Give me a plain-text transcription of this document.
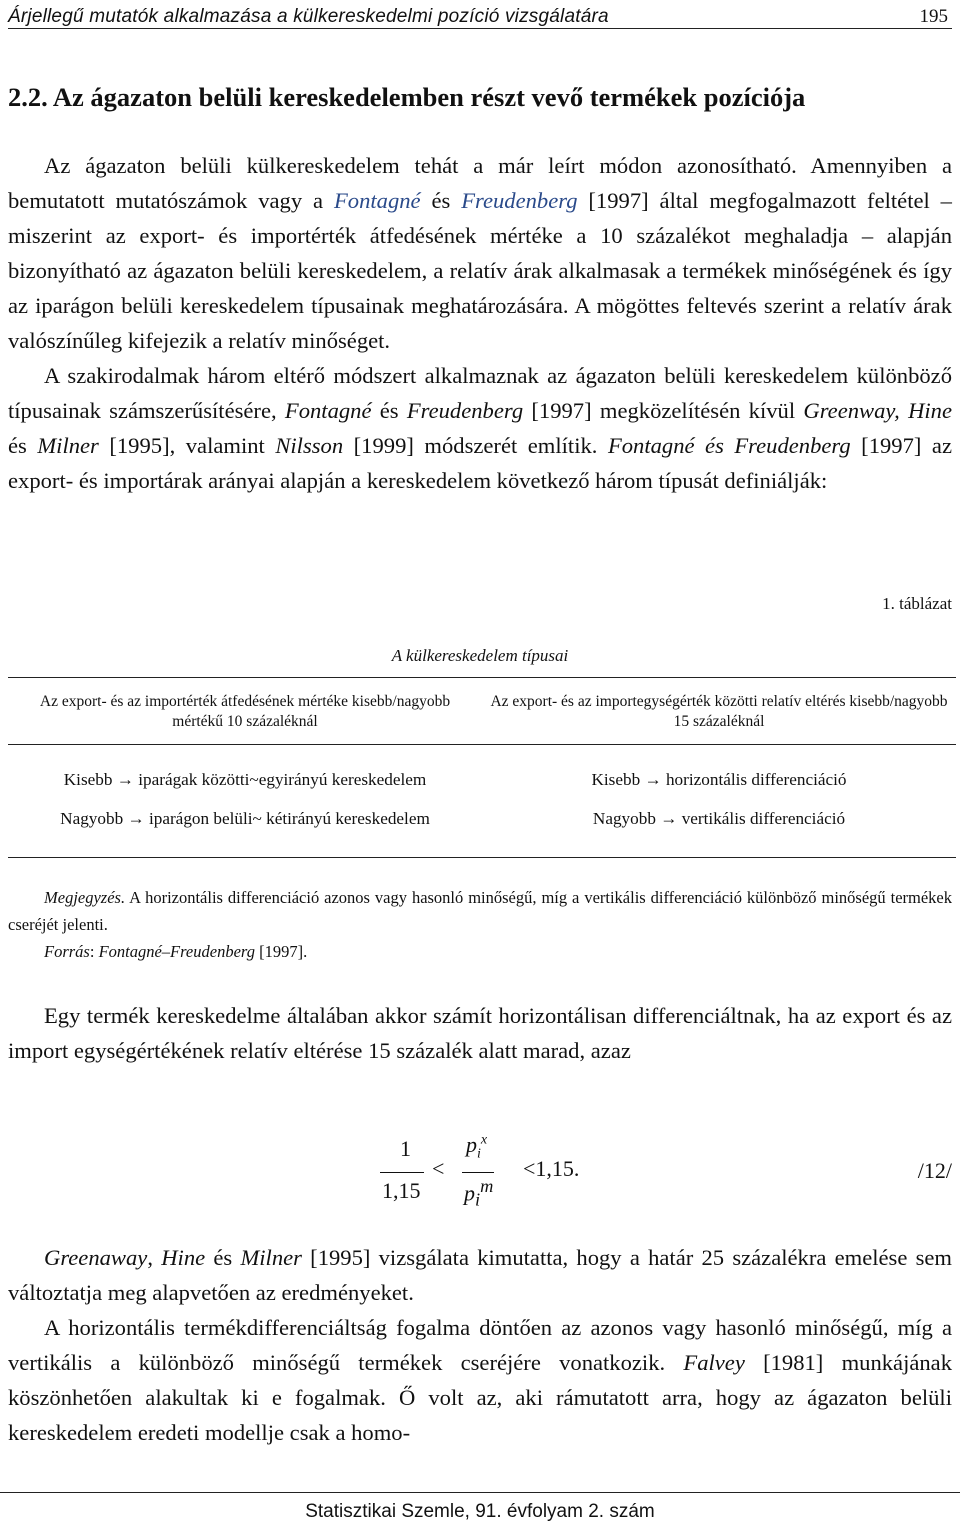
Árjellegű mutatók alkalmazása a külkereskedelmi pozíció vizsgálatára	195
2.2. Az ágazaton belüli kereskedelemben részt vevő termékek pozíciója

Az ágazaton belüli külkereskedelem tehát a már leírt módon azonosítható. Amennyiben a bemutatott mutatószámok vagy a Fontagné és Freudenberg [1997] által megfogalmazott feltétel – miszerint az export- és importérték átfedésének mértéke a 10 százalékot meghaladja – alapján bizonyítható az ágazaton belüli kereskedelem, a relatív árak alkalmasak a termékek minőségének és így az iparágon belüli kereskedelem típusainak meghatározására. A mögöttes feltevés szerint a relatív árak valószínűleg kifejezik a relatív minőséget.

A szakirodalmak három eltérő módszert alkalmaznak az ágazaton belüli kereskedelem különböző típusainak számszerűsítésére, Fontagné és Freudenberg [1997] megközelítésén kívül Greenway, Hine és Milner [1995], valamint Nilsson [1999] módszerét említik. Fontagné és Freudenberg [1997] az export- és importárak arányai alapján a kereskedelem következő három típusát definiálják:

1. táblázat
A külkereskedelem típusai
Az export- és az importérték átfedésének mértéke kisebb/nagyobb mértékű 10 százaléknál	Az export- és az importegységérték közötti relatív eltérés kisebb/nagyobb 15 százaléknál
Kisebb → iparágak közötti~egyirányú kereskedelem	Kisebb → horizontális differenciáció
Nagyobb → iparágon belüli~ kétirányú kereskedelem	Nagyobb → vertikális differenciáció

Megjegyzés. A horizontális differenciáció azonos vagy hasonló minőségű, míg a vertikális differenciáció különböző minőségű termékek cseréjét jelenti.

Forrás: Fontagné–Freudenberg [1997].

Egy termék kereskedelme általában akkor számít horizontálisan differenciáltnak, ha az export és az import egységértékének relatív eltérése 15 százalék alatt marad, azaz

1
1,15
<
$p_i^x$
$p_i^m$
<1,15.	/12/

Greenaway, Hine és Milner [1995] vizsgálata kimutatta, hogy a határ 25 százalékra emelése sem változtatja meg alapvetően az eredményeket.

A horizontális termékdifferenciáltság fogalma döntően az azonos vagy hasonló minőségű, míg a vertikális a különböző minőségű termékek cseréjére vonatkozik. Falvey [1981] munkájának köszönhetően alakultak ki e fogalmak. Ő volt az, aki rámutatott arra, hogy az ágazaton belüli kereskedelem eredeti modellje csak a homo-

Statisztikai Szemle, 91. évfolyam 2. szám
